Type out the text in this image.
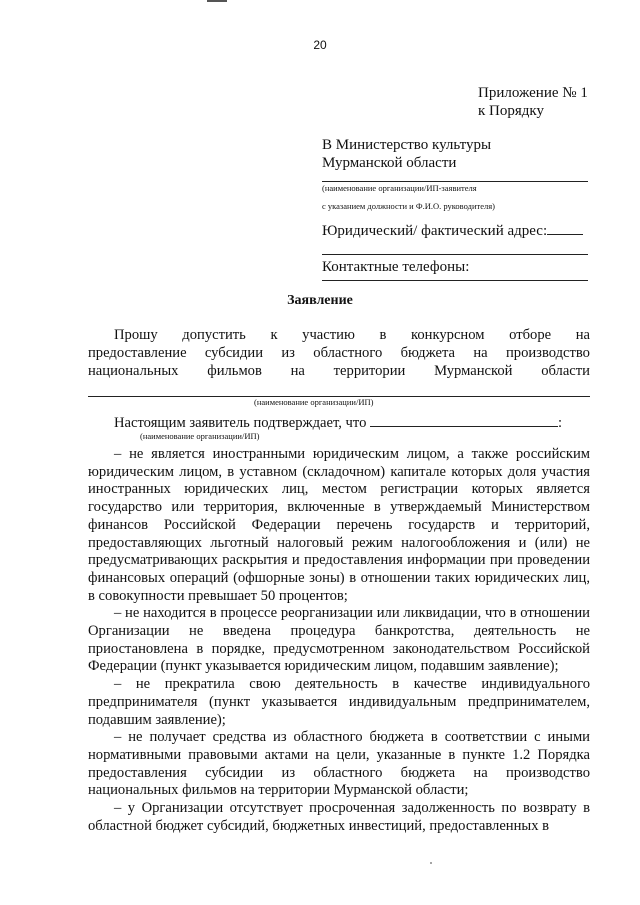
20
Приложение № 1
к Порядку
В Министерство культуры
Мурманской области
(наименование организации/ИП-заявителя
с указанием должности и Ф.И.О. руководителя)
Юридический/ фактический адрес:
Контактные телефоны:
Заявление
Прошу допустить к участию в конкурсном отборе на
предоставление субсидии из областного бюджета на производство
национальных фильмов на территории Мурманской области
(наименование организации/ИП)
Настоящим заявитель подтверждает, что	:
(наименование организации/ИП)

– не является иностранными юридическим лицом, а также российским юридическим лицом, в уставном (складочном) капитале которых доля участия иностранных юридических лиц, местом регистрации которых является государство или территория, включенные в утверждаемый Министерством финансов Российской Федерации перечень государств и территорий, предоставляющих льготный налоговый режим налогообложения и (или) не предусматривающих раскрытия и предоставления информации при проведении финансовых операций (офшорные зоны) в отношении таких юридических лиц, в совокупности превышает 50 процентов;

– не находится в процессе реорганизации или ликвидации, что в отношении Организации не введена процедура банкротства, деятельность не приостановлена в порядке, предусмотренном законодательством Российской Федерации (пункт указывается юридическим лицом, подавшим заявление);

– не прекратила свою деятельность в качестве индивидуального предпринимателя (пункт указывается индивидуальным предпринимателем, подавшим заявление);

– не получает средства из областного бюджета в соответствии с иными нормативными правовыми актами на цели, указанные в пункте 1.2 Порядка предоставления субсидии из областного бюджета на производство национальных фильмов на территории Мурманской области;

– у Организации отсутствует просроченная задолженность по возврату в областной бюджет субсидий, бюджетных инвестиций, предоставленных в
